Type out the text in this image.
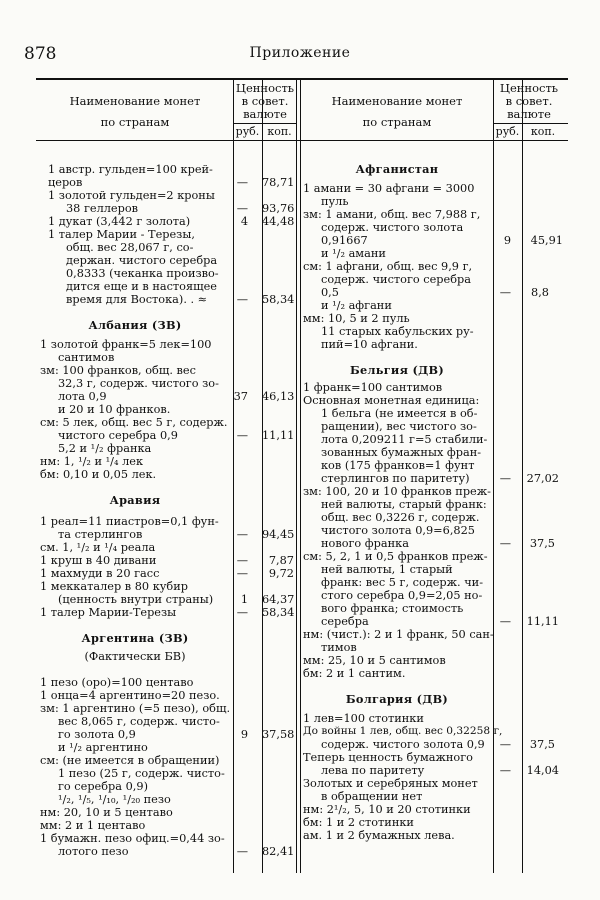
878	Приложение
Наименование монет
по странам
Ценность
в совет.
валюте
руб. коп.
Наименование монет
по странам
Ценность
в совет.
валюте
руб.	коп.
1 австр. гульден=100 крей-
церов	— 78,71
1 золотой гульден=2 кроны
38 геллеров	— 93,76
1 дукат (3,442 г золота)	4 44,48
1 талер Марии - Терезы,
общ. вес 28,067 г, со-
держан. чистого серебра
0,8333 (чеканка произво-
дится еще и в настоящее
время для Востока). . ≈	— 58,34
Албания (ЗВ)
1 золотой франк=5 лек=100
сантимов
зм: 100 франков, общ. вес
32,3 г, содерж. чистого зо-
лота 0,9	37 46,13
и 20 и 10 франков.
см: 5 лек, общ. вес 5 г, содерж.
чистого серебра 0,9	— 11,11
5,2 и ¹/₂ франка
нм: 1, ¹/₂ и ¹/₄ лек
бм: 0,10 и 0,05 лек.
Аравия
1 реал=11 пиастров=0,1 фун-
та стерлингов	— 94,45
см. 1, ¹/₂ и ¹/₄ реала
1 круш в 40 дивани	—	7,87
1 махмуди в 20 гасс	—	9,72
1 меккаталер в 80 кубир
(ценность внутри страны)	1 64,37
1 талер Марии-Терезы	— 58,34
Аргентина (ЗВ)
(Фактически БВ)
1 пезо (оро)=100 центаво
1 онца=4 аргентино=20 пезо.
зм: 1 аргентино (=5 пезо), общ.
вес 8,065 г, содерж. чисто-
го золота 0,9	9 37,58
и ¹/₂ аргентино
см: (не имеется в обращении)
1 пезо (25 г, содерж. чисто-
го серебра 0,9)
¹/₂, ¹/₅, ¹/₁₀, ¹/₂₀ пезо
нм: 20, 10 и 5 центаво
мм: 2 и 1 центаво
1 бумажн. пезо офиц.=0,44 зо-
лотого пезо	— 82,41
Афганистан
1 амани = 30 афгани = 3000
пуль
зм: 1 амани, общ. вес 7,988 г,
содерж. чистого золота
0,91667	9	45,91
и ¹/₂ амани
см: 1 афгани, общ. вес 9,9 г,
содерж. чистого серебра
0,5	—	8,8
и ¹/₂ афгани
мм: 10, 5 и 2 пуль
11 старых кабульских ру-
пий=10 афгани.
Бельгия (ДВ)
1 франк=100 сантимов
Основная монетная единица:
1 бельга (не имеется в об-
ращении), вес чистого зо-
лота 0,209211 г=5 стабили-
зованных бумажных фран-
ков (175 франков=1 фунт
стерлингов по паритету)	— 27,02
зм: 100, 20 и 10 франков преж-
ней валюты, старый франк:
общ. вес 0,3226 г, содерж.
чистого золота 0,9=6,825
нового франка	—	37,5
см: 5, 2, 1 и 0,5 франков преж-
ней валюты, 1 старый
франк: вес 5 г, содерж. чи-
стого серебра 0,9=2,05 но-
вого франка; стоимость
серебра	— 11,11
нм: (чист.): 2 и 1 франк, 50 сан-
тимов
мм: 25, 10 и 5 сантимов
бм: 2 и 1 сантим.
Болгария (ДВ)
1 лев=100 стотинки
До войны 1 лев, общ. вес 0,32258 г,
содерж. чистого золота 0,9 —	37,5
Теперь ценность бумажного
лева по паритету	— 14,04
Золотых и серебряных монет
в обращении нет
нм: 2¹/₂, 5, 10 и 20 стотинки
бм: 1 и 2 стотинки
ам. 1 и 2 бумажных лева.
